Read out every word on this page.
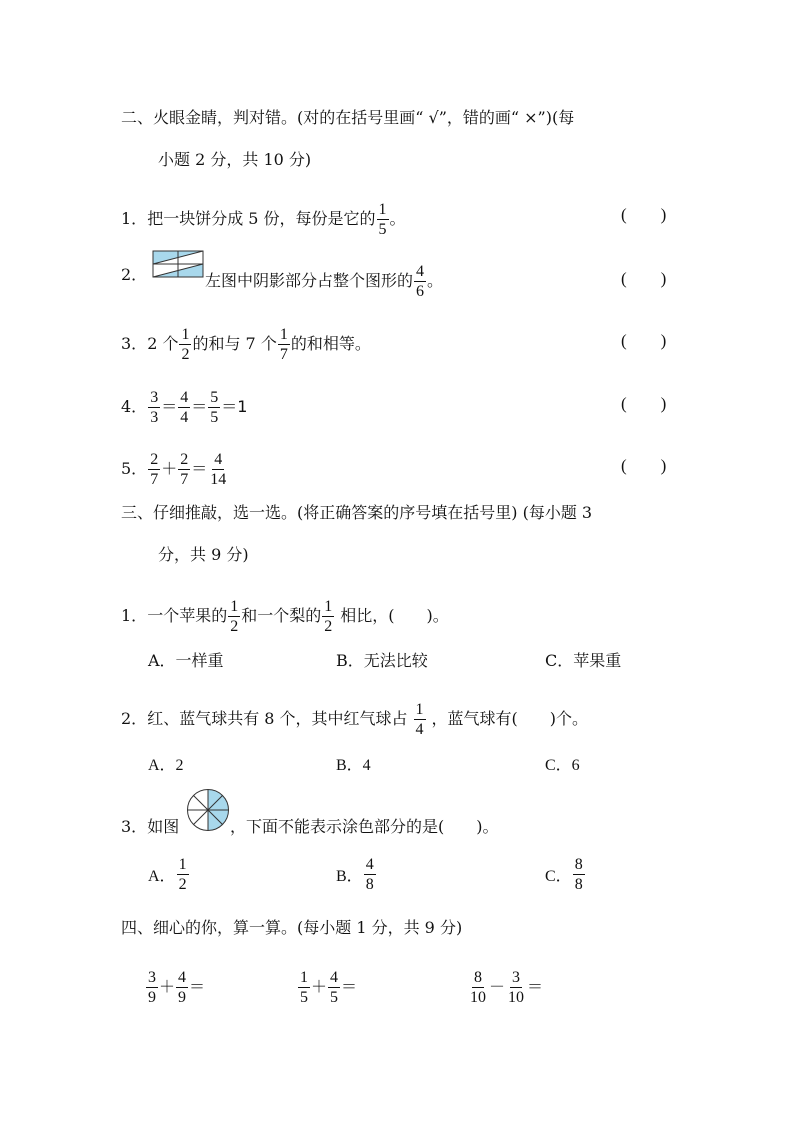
二、火眼金睛，判对错。(对的在括号里画“ √”，错的画“ ×”)(每
小题 2 分，共 10 分)
1．把一块饼分成 5 份，每份是它的 $\frac{1}{5}$ 。	(　　)
2．	左图中阴影部分占整个图形的 $\frac{4}{6}$ 。	(　　)
3．2 个 $\frac{1}{2}$ 的和与 7 个 $\frac{1}{7}$ 的和相等。	(　　)
4． $\frac{3}{3} = \frac{4}{4} = \frac{5}{5} =1$	(　　)
5． $\frac{2}{7} + \frac{2}{7} = \frac{4}{14}$	(　　)
三、仔细推敲，选一选。(将正确答案的序号填在括号里) (每小题 3
分，共 9 分)
1．一个苹果的 $\frac{1}{2}$ 和一个梨的 $\frac{1}{2}$ 相比，(　　)。
A．一样重	B．无法比较	C．苹果重
2．红、蓝气球共有 8 个，其中红气球占 $\frac{1}{4}$ ，蓝气球有(　　)个。
A．2	B．4	C．6
3．如图	，下面不能表示涂色部分的是(　　)。
A． $\frac{1}{2}$	B． $\frac{4}{8}$	C． $\frac{8}{8}$
四、细心的你，算一算。(每小题 1 分，共 9 分)
$\frac{3}{9} + \frac{4}{9}$ ＝	$\frac{1}{5} + \frac{4}{5}$ ＝	$\frac{8}{10} - \frac{3}{10}$ ＝
